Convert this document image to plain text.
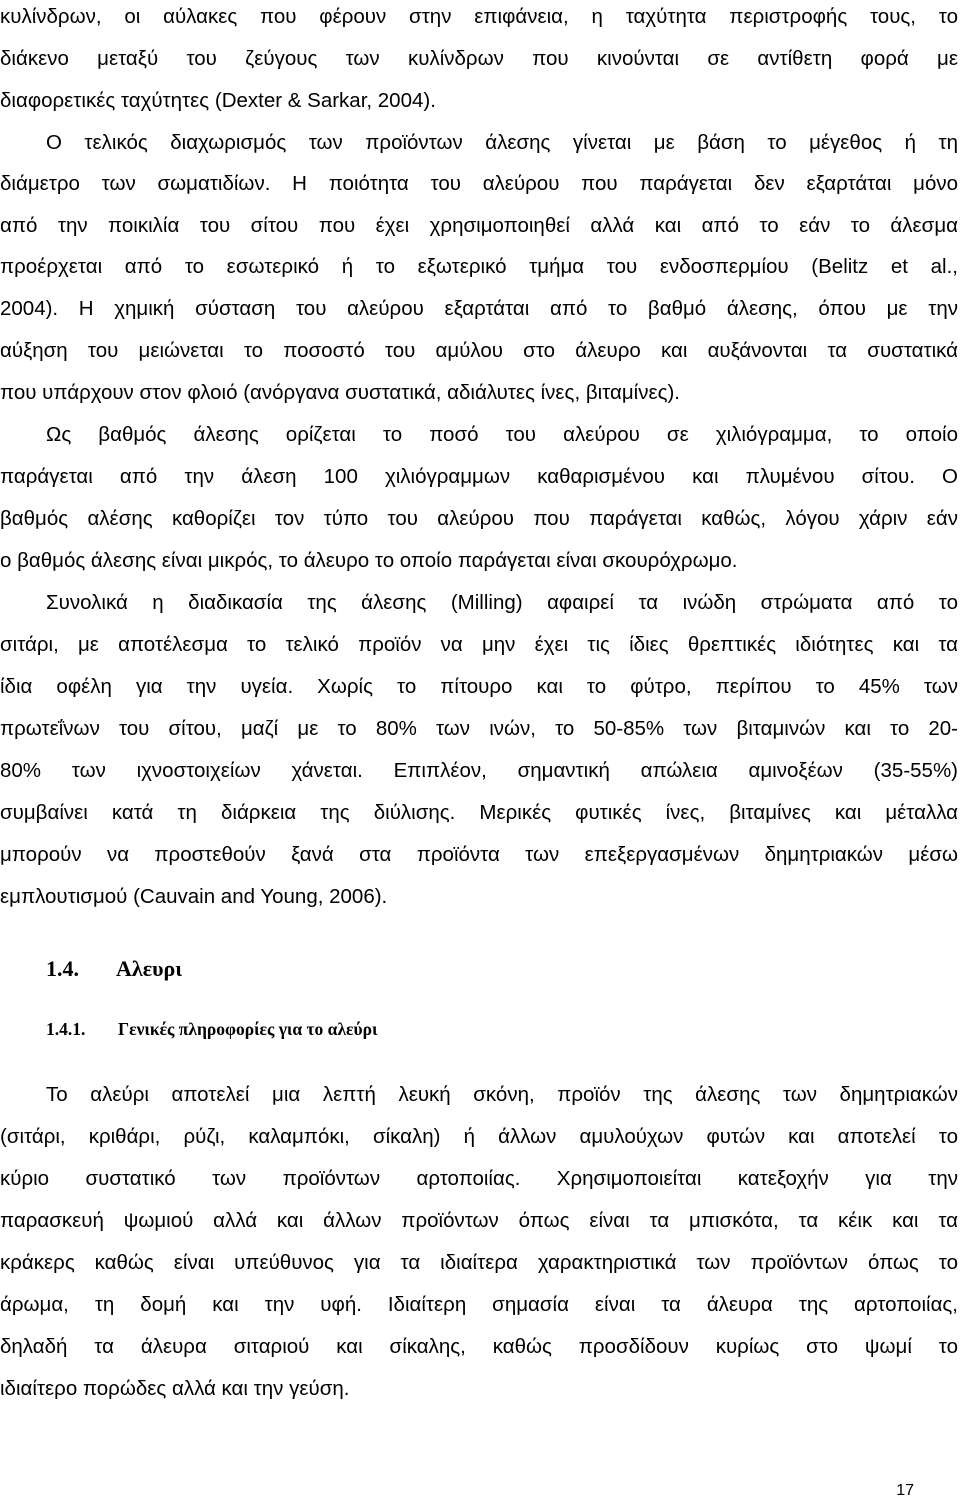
κυλίνδρων, οι αύλακες που φέρουν στην επιφάνεια, η ταχύτητα περιστροφής τους, το
διάκενο μεταξύ του ζεύγους των κυλίνδρων που κινούνται σε αντίθετη φορά με
διαφορετικές ταχύτητες (Dexter & Sarkar, 2004).
Ο τελικός διαχωρισμός των προϊόντων άλεσης γίνεται με βάση το μέγεθος ή τη
διάμετρο των σωματιδίων. Η ποιότητα του αλεύρου που παράγεται δεν εξαρτάται μόνο
από την ποικιλία του σίτου που έχει χρησιμοποιηθεί αλλά και από το εάν το άλεσμα
προέρχεται από το εσωτερικό ή το εξωτερικό τμήμα του ενδοσπερμίου (Belitz et al.,
2004). Η χημική σύσταση του αλεύρου εξαρτάται από το βαθμό άλεσης, όπου με την
αύξηση του μειώνεται το ποσοστό του αμύλου στο άλευρο και αυξάνονται τα συστατικά
που υπάρχουν στον φλοιό (ανόργανα συστατικά, αδιάλυτες ίνες, βιταμίνες).
Ως βαθμός άλεσης ορίζεται το ποσό του αλεύρου σε χιλιόγραμμα, το οποίο
παράγεται από την άλεση 100 χιλιόγραμμων καθαρισμένου και πλυμένου σίτου. Ο
βαθμός αλέσης καθορίζει τον τύπο του αλεύρου που παράγεται καθώς, λόγου χάριν εάν
ο βαθμός άλεσης είναι μικρός, το άλευρο το οποίο παράγεται είναι σκουρόχρωμο.
Συνολικά η διαδικασία της άλεσης (Milling) αφαιρεί τα ινώδη στρώματα από το
σιτάρι, με αποτέλεσμα το τελικό προϊόν να μην έχει τις ίδιες θρεπτικές ιδιότητες και τα
ίδια οφέλη για την υγεία. Χωρίς το πίτουρο και το φύτρο, περίπου το 45% των
πρωτεΐνων του σίτου, μαζί με το 80% των ινών, το 50-85% των βιταμινών και το 20-
80% των ιχνοστοιχείων χάνεται. Επιπλέον, σημαντική απώλεια αμινοξέων (35-55%)
συμβαίνει κατά τη διάρκεια της διύλισης. Μερικές φυτικές ίνες, βιταμίνες και μέταλλα
μπορούν να προστεθούν ξανά στα προϊόντα των επεξεργασμένων δημητριακών μέσω
εμπλουτισμού (Cauvain and Young, 2006).
1.4. Αλευρι
1.4.1. Γενικές πληροφορίες για το αλεύρι
Το αλεύρι αποτελεί μια λεπτή λευκή σκόνη, προϊόν της άλεσης των δημητριακών
(σιτάρι, κριθάρι, ρύζι, καλαμπόκι, σίκαλη) ή άλλων αμυλούχων φυτών και αποτελεί το
κύριο συστατικό των προϊόντων αρτοποιίας. Χρησιμοποιείται κατεξοχήν για την
παρασκευή ψωμιού αλλά και άλλων προϊόντων όπως είναι τα μπισκότα, τα κέικ και τα
κράκερς καθώς είναι υπεύθυνος για τα ιδιαίτερα χαρακτηριστικά των προϊόντων όπως το
άρωμα, τη δομή και την υφή. Ιδιαίτερη σημασία είναι τα άλευρα της αρτοποιίας,
δηλαδή τα άλευρα σιταριού και σίκαλης, καθώς προσδίδουν κυρίως στο ψωμί το
ιδιαίτερο πορώδες αλλά και την γεύση.
17
